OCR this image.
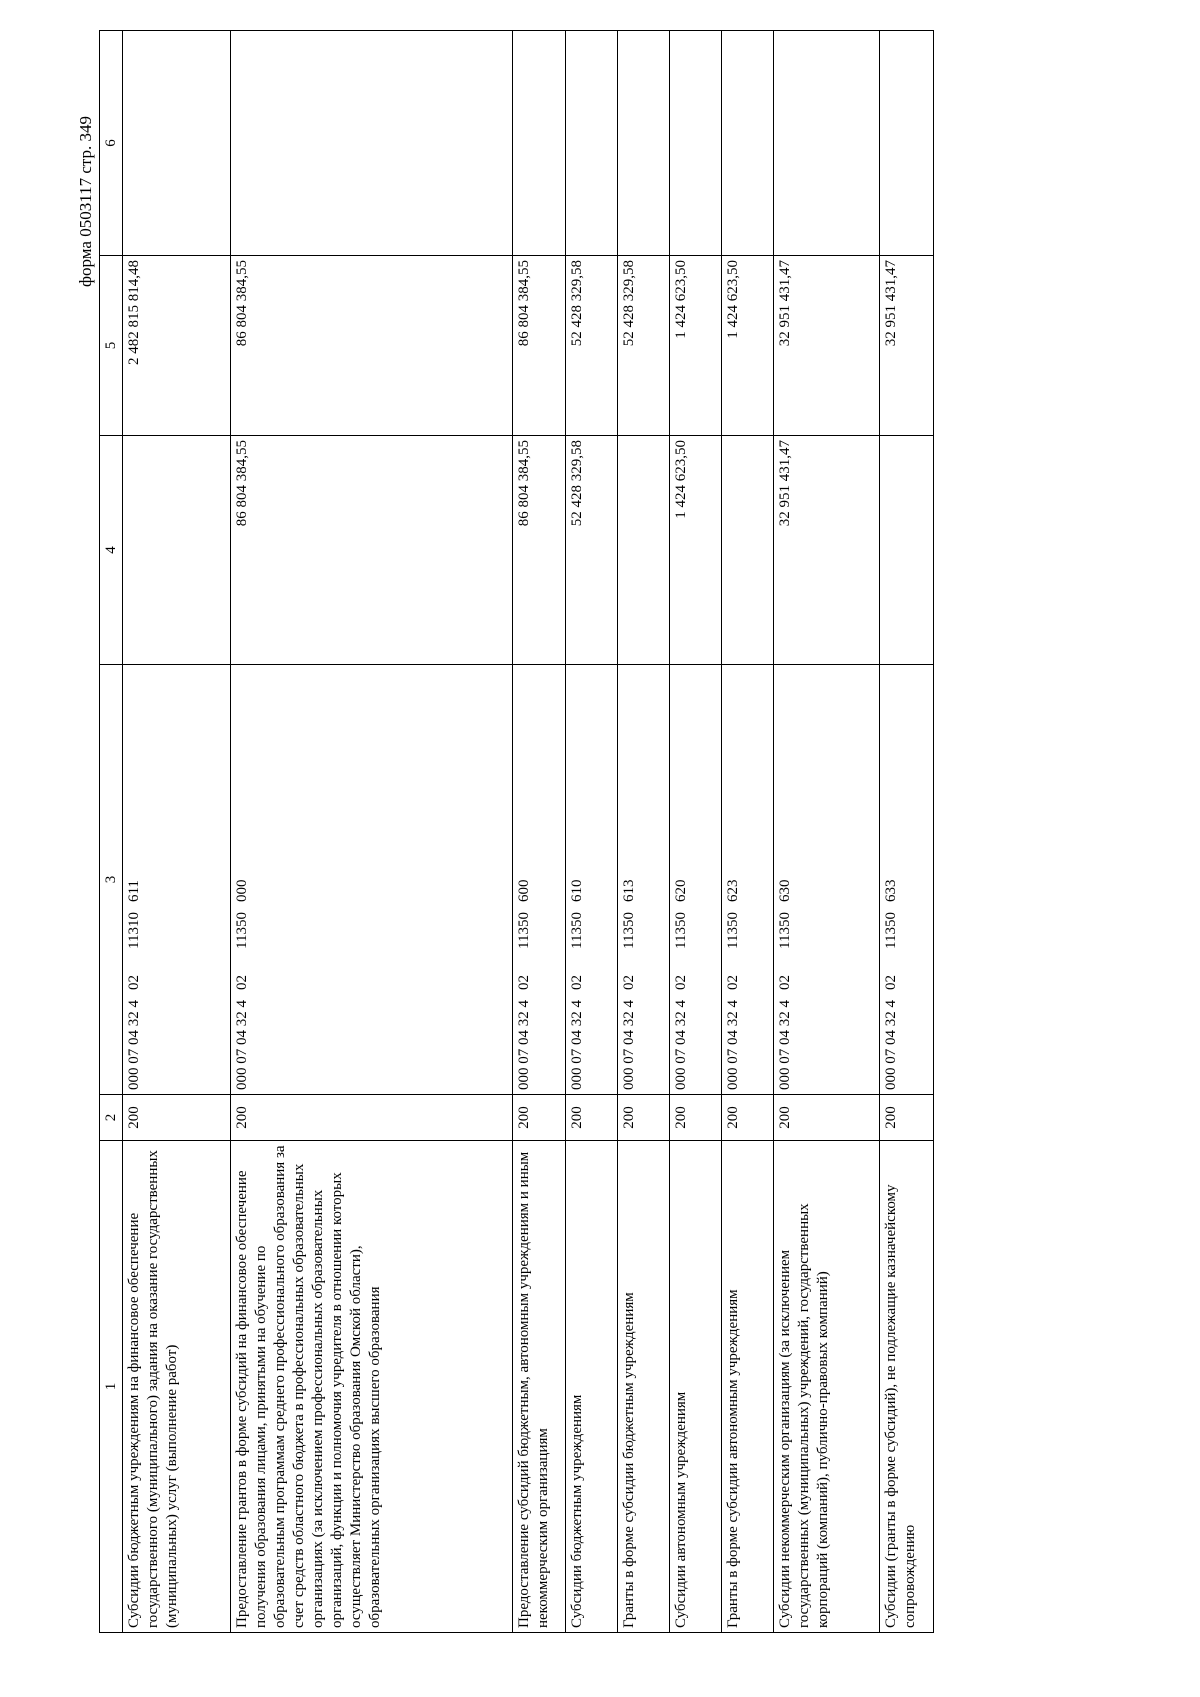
форма 0503117 стр. 349
1	2	3	4	5	6
Субсидии бюджетным учреждениям на финансовое обеспечение государственного (муниципального) задания на оказание государственных (муниципальных) услуг (выполнение работ)	200	000 07 04 32 40211310611		2 482 815 814,48	
Предоставление грантов в форме субсидий на финансовое обеспечение получения образования лицами, принятыми на обучение по образовательным программам среднего профессионального образования за счет средств областного бюджета в профессиональных образовательных организациях (за исключением профессиональных образовательных организаций, функции и полномочия учредителя в отношении которых осуществляет Министерство образования Омской области), образовательных организациях высшего образования	200	000 07 04 32 40211350000	86 804 384,55	86 804 384,55	
Предоставление субсидий бюджетным, автономным учреждениям и иным некоммерческим организациям	200	000 07 04 32 40211350600	86 804 384,55	86 804 384,55	
Субсидии бюджетным учреждениям	200	000 07 04 32 40211350610	52 428 329,58	52 428 329,58	
Гранты в форме субсидии бюджетным учреждениям	200	000 07 04 32 40211350613		52 428 329,58	
Субсидии автономным учреждениям	200	000 07 04 32 40211350620	1 424 623,50	1 424 623,50	
Гранты в форме субсидии автономным учреждениям	200	000 07 04 32 40211350623		1 424 623,50	
Субсидии некоммерческим организациям (за исключением государственных (муниципальных) учреждений, государственных корпораций (компаний), публично-правовых компаний)	200	000 07 04 32 40211350630	32 951 431,47	32 951 431,47	
Субсидии (гранты в форме субсидий), не подлежащие казначейскому сопровождению	200	000 07 04 32 40211350633		32 951 431,47	
